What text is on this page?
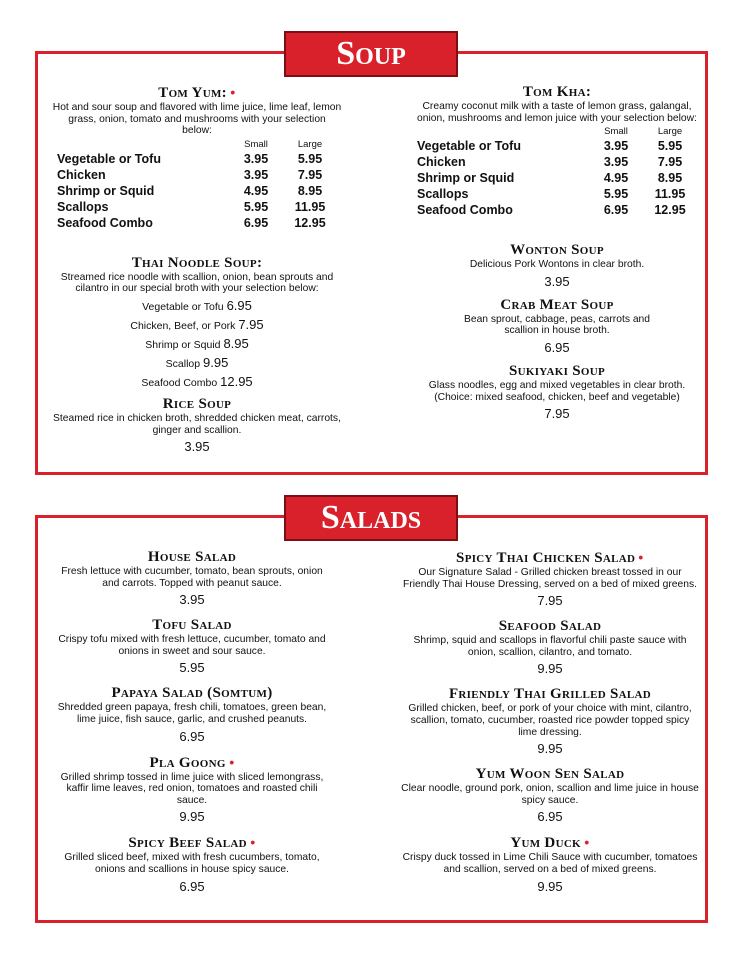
Soup
Tom Yum:●
Hot and sour soup and flavored with lime juice, lime leaf, lemon grass, onion, tomato and mushrooms with your selection below:
	Small	Large
Vegetable or Tofu	3.95	5.95
Chicken	3.95	7.95
Shrimp or Squid	4.95	8.95
Scallops	5.95	11.95
Seafood Combo	6.95	12.95
Thai Noodle Soup:
Streamed rice noodle with scallion, onion, bean sprouts and cilantro in our special broth with your selection below:
Vegetable or Tofu 6.95
Chicken, Beef, or Pork 7.95
Shrimp or Squid 8.95
Scallop 9.95
Seafood Combo 12.95
Rice Soup
Steamed rice in chicken broth, shredded chicken meat, carrots, ginger and scallion.
3.95
Tom Kha:
Creamy coconut milk with a taste of lemon grass, galangal, onion, mushrooms and lemon juice with your selection below:
	Small	Large
Vegetable or Tofu	3.95	5.95
Chicken	3.95	7.95
Shrimp or Squid	4.95	8.95
Scallops	5.95	11.95
Seafood Combo	6.95	12.95
Wonton Soup
Delicious Pork Wontons in clear broth.
3.95
Crab Meat Soup
Bean sprout, cabbage, peas, carrots and scallion in house broth.
6.95
Sukiyaki Soup
Glass noodles, egg and mixed vegetables in clear broth. (Choice: mixed seafood, chicken, beef and vegetable)
7.95
Salads
House Salad
Fresh lettuce with cucumber, tomato, bean sprouts, onion and carrots. Topped with peanut sauce.
3.95
Tofu Salad
Crispy tofu mixed with fresh lettuce, cucumber, tomato and onions in sweet and sour sauce.
5.95
Papaya Salad (Somtum)
Shredded green papaya, fresh chili, tomatoes, green bean, lime juice, fish sauce, garlic, and crushed peanuts.
6.95
Pla Goong●
Grilled shrimp tossed in lime juice with sliced lemongrass, kaffir lime leaves, red onion, tomatoes and roasted chili sauce.
9.95
Spicy Beef Salad●
Grilled sliced beef, mixed with fresh cucumbers, tomato, onions and scallions in house spicy sauce.
6.95
Spicy Thai Chicken Salad●
Our Signature Salad - Grilled chicken breast tossed in our Friendly Thai House Dressing, served on a bed of mixed greens.
7.95
Seafood Salad
Shrimp, squid and scallops in flavorful chili paste sauce with onion, scallion, cilantro, and tomato.
9.95
Friendly Thai Grilled Salad
Grilled chicken, beef, or pork of your choice with mint, cilantro, scallion, tomato, cucumber, roasted rice powder topped spicy lime dressing.
9.95
Yum Woon Sen Salad
Clear noodle, ground pork, onion, scallion and lime juice in house spicy sauce.
6.95
Yum Duck●
Crispy duck tossed in Lime Chili Sauce with cucumber, tomatoes and scallion, served on a bed of mixed greens.
9.95
